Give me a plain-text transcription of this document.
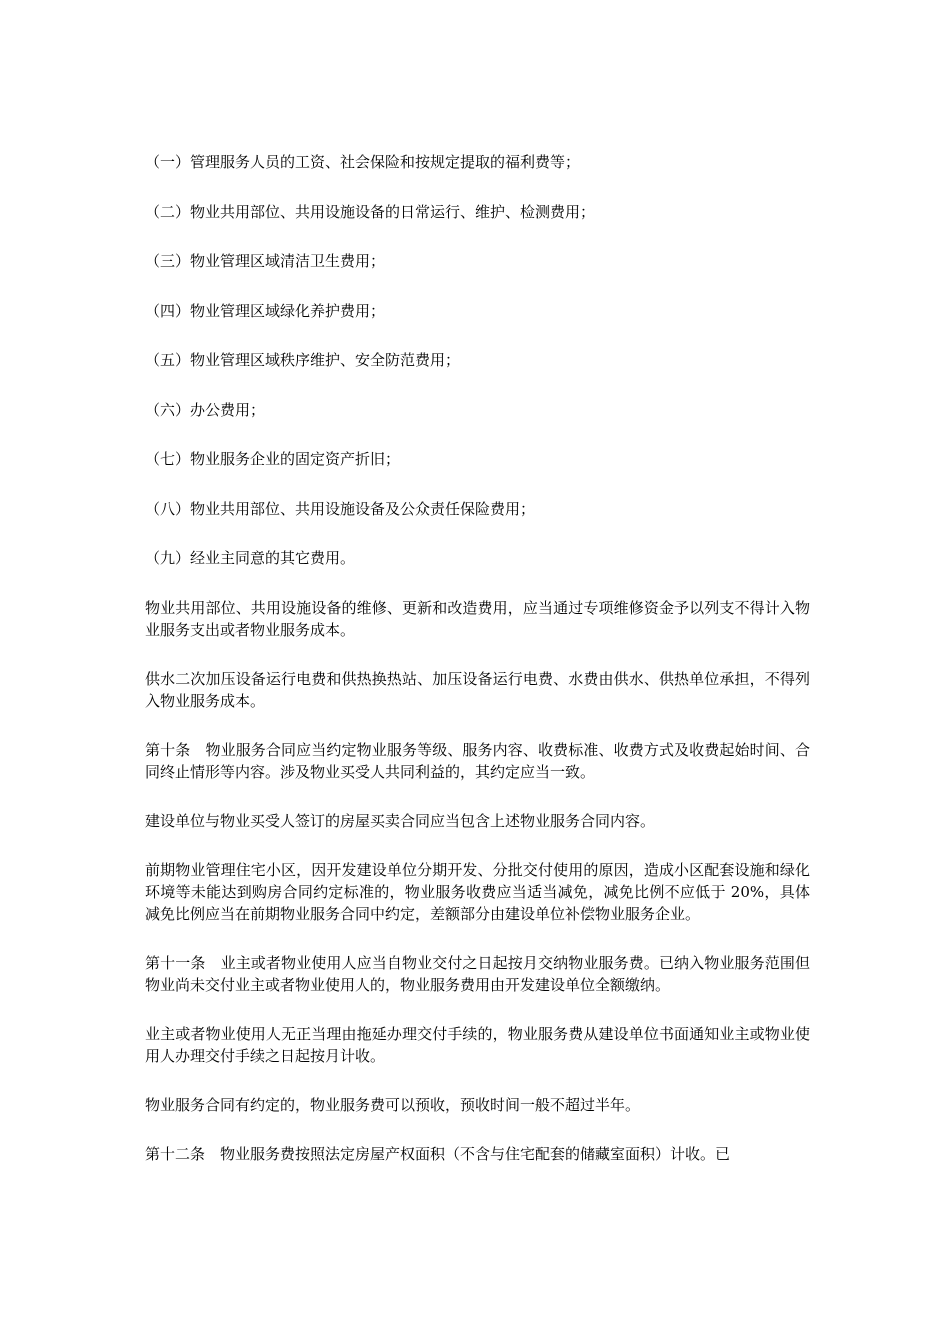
（一）管理服务人员的工资、社会保险和按规定提取的福利费等；

（二）物业共用部位、共用设施设备的日常运行、维护、检测费用；

（三）物业管理区域清洁卫生费用；

（四）物业管理区域绿化养护费用；

（五）物业管理区域秩序维护、安全防范费用；

（六）办公费用；

（七）物业服务企业的固定资产折旧；

（八）物业共用部位、共用设施设备及公众责任保险费用；

（九）经业主同意的其它费用。

物业共用部位、共用设施设备的维修、更新和改造费用，应当通过专项维修资金予以列支不得计入物业服务支出或者物业服务成本。

供水二次加压设备运行电费和供热换热站、加压设备运行电费、水费由供水、供热单位承担，不得列入物业服务成本。

第十条　物业服务合同应当约定物业服务等级、服务内容、收费标准、收费方式及收费起始时间、合同终止情形等内容。涉及物业买受人共同利益的，其约定应当一致。

建设单位与物业买受人签订的房屋买卖合同应当包含上述物业服务合同内容。

前期物业管理住宅小区，因开发建设单位分期开发、分批交付使用的原因，造成小区配套设施和绿化环境等未能达到购房合同约定标准的，物业服务收费应当适当减免，减免比例不应低于 20%，具体减免比例应当在前期物业服务合同中约定，差额部分由建设单位补偿物业服务企业。

第十一条　业主或者物业使用人应当自物业交付之日起按月交纳物业服务费。已纳入物业服务范围但物业尚未交付业主或者物业使用人的，物业服务费用由开发建设单位全额缴纳。

业主或者物业使用人无正当理由拖延办理交付手续的，物业服务费从建设单位书面通知业主或物业使用人办理交付手续之日起按月计收。

物业服务合同有约定的，物业服务费可以预收，预收时间一般不超过半年。

第十二条　物业服务费按照法定房屋产权面积（不含与住宅配套的储藏室面积）计收。已
